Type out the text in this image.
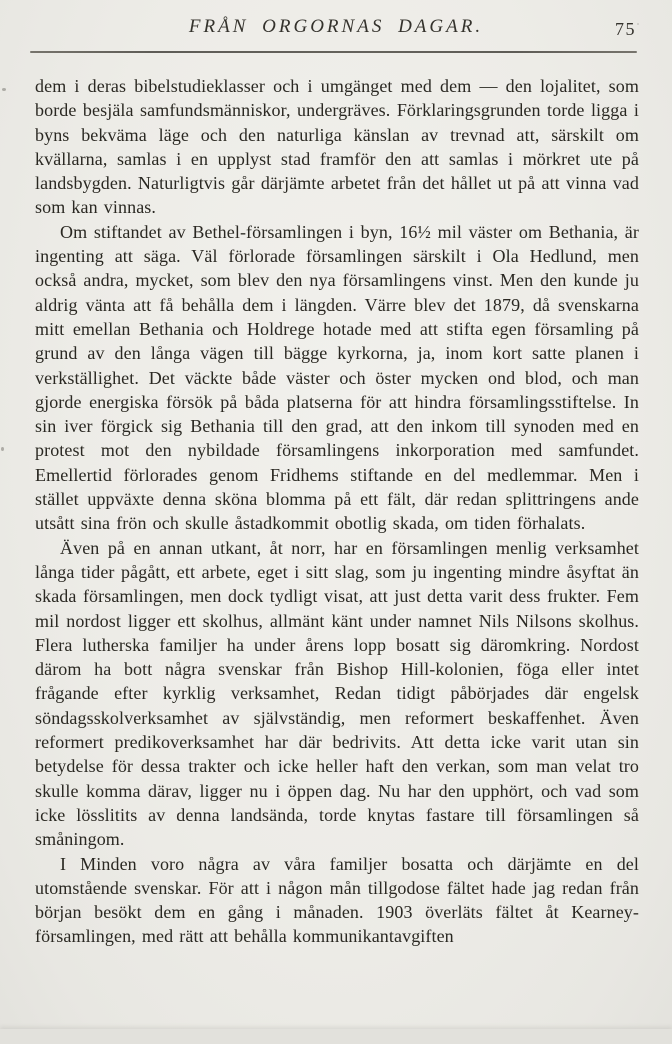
FRÅN ORGORNAS DAGAR.	75

dem i deras bibelstudieklasser och i umgänget med dem — den lojalitet, som borde besjäla samfundsmänniskor, undergräves. Förklaringsgrunden torde ligga i byns bekväma läge och den naturliga känslan av trevnad att, särskilt om kvällarna, samlas i en upplyst stad framför den att samlas i mörkret ute på landsbygden. Naturligtvis går därjämte arbetet från det hållet ut på att vinna vad som kan vinnas.

Om stiftandet av Bethel-församlingen i byn, 16½ mil väster om Bethania, är ingenting att säga. Väl förlorade församlingen särskilt i Ola Hedlund, men också andra, mycket, som blev den nya församlingens vinst. Men den kunde ju aldrig vänta att få behålla dem i längden. Värre blev det 1879, då svenskarna mitt emellan Bethania och Holdrege hotade med att stifta egen församling på grund av den långa vägen till bägge kyrkorna, ja, inom kort satte planen i verkställighet. Det väckte både väster och öster mycken ond blod, och man gjorde energiska försök på båda platserna för att hindra församlingsstiftelse. In sin iver förgick sig Bethania till den grad, att den inkom till synoden med en protest mot den nybildade församlingens inkorporation med samfundet. Emellertid förlorades genom Fridhems stiftande en del medlemmar. Men i stället uppväxte denna sköna blomma på ett fält, där redan splittringens ande utsått sina frön och skulle åstadkommit obotlig skada, om tiden förhalats.

Även på en annan utkant, åt norr, har en församlingen menlig verksamhet långa tider pågått, ett arbete, eget i sitt slag, som ju ingenting mindre åsyftat än skada församlingen, men dock tydligt visat, att just detta varit dess frukter. Fem mil nordost ligger ett skolhus, allmänt känt under namnet Nils Nilsons skolhus. Flera lutherska familjer ha under årens lopp bosatt sig däromkring. Nordost därom ha bott några svenskar från Bishop Hill-kolonien, föga eller intet frågande efter kyrklig verksamhet, Redan tidigt påbörjades där engelsk söndagsskolverksamhet av självständig, men reformert beskaffenhet. Även reformert predikoverksamhet har där bedrivits. Att detta icke varit utan sin betydelse för dessa trakter och icke heller haft den verkan, som man velat tro skulle komma därav, ligger nu i öppen dag. Nu har den upphört, och vad som icke lösslitits av denna landsända, torde knytas fastare till församlingen så småningom.

I Minden voro några av våra familjer bosatta och därjämte en del utomstående svenskar. För att i någon mån tillgodose fältet hade jag redan från början besökt dem en gång i månaden. 1903 överläts fältet åt Kearney-församlingen, med rätt att behålla kommunikantavgiften
